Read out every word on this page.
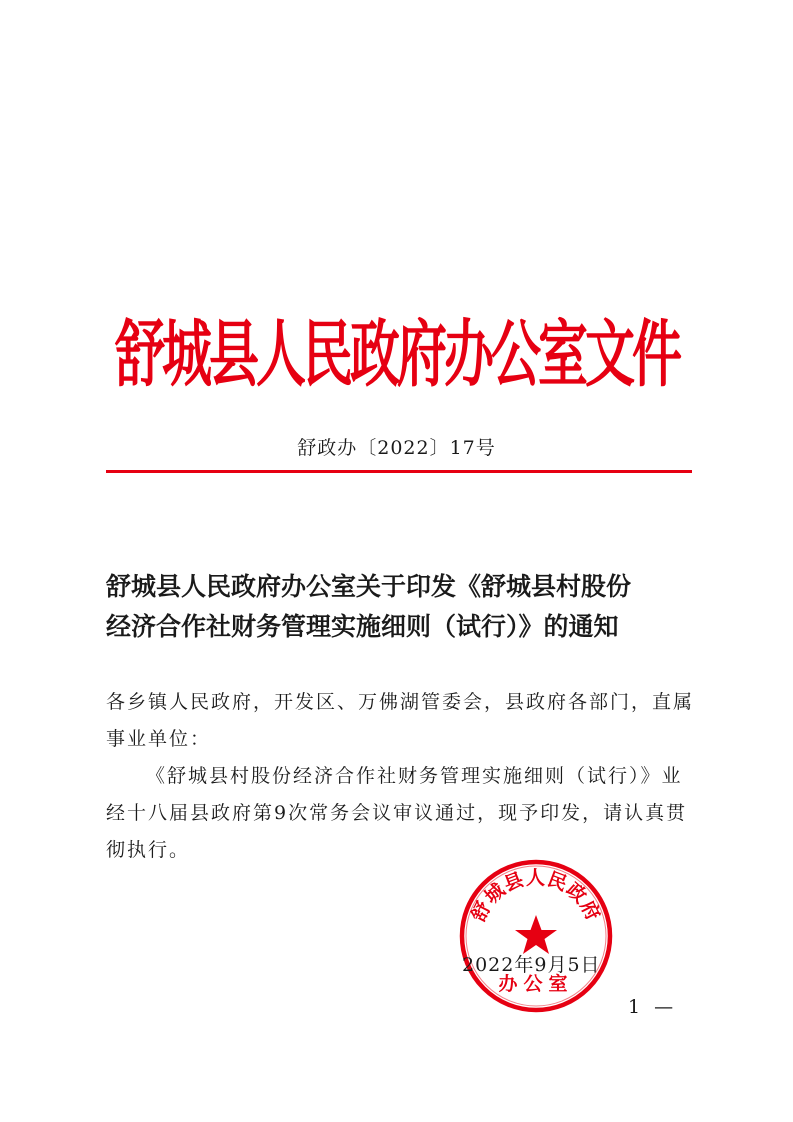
舒城县人民政府办公室文件
舒政办〔2022〕17号
舒城县人民政府办公室关于印发《舒城县村股份
经济合作社财务管理实施细则（试行）》的通知

各乡镇人民政府，开发区、万佛湖管委会，县政府各部门，直属

事业单位：

《舒城县村股份经济合作社财务管理实施细则（试行）》业

经十八届县政府第9次常务会议审议通过，现予印发，请认真贯

彻执行。

舒城县人民政府
办公室
2022年9月5日
1 —
